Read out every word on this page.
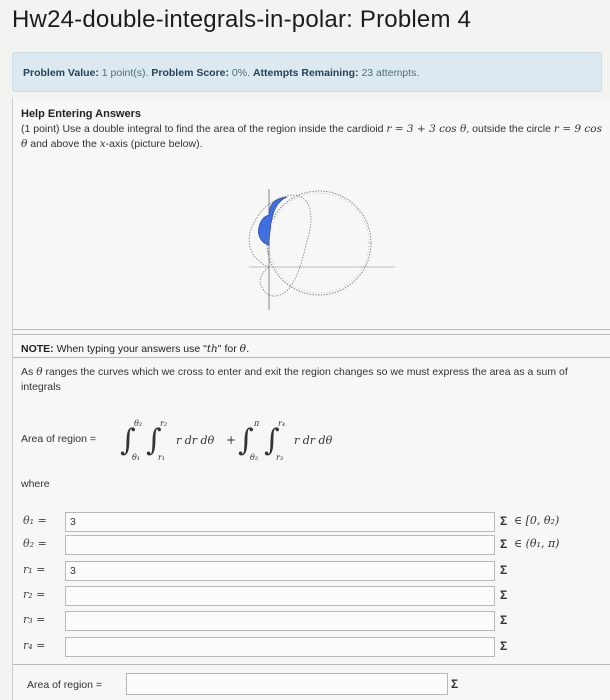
Hw24-double-integrals-in-polar: Problem 4
Problem Value: 1 point(s). Problem Score: 0%. Attempts Remaining: 23 attempts.
Help Entering Answers
(1 point) Use a double integral to find the area of the region inside the cardioid r = 3 + 3 cos θ, outside the circle r = 9 cos θ and above the x-axis (picture below).
NOTE: When typing your answers use "th" for θ.
As θ ranges the curves which we cross to enter and exit the region changes so we must express the area as a sum of integrals
Area of region = ∫
θ₂
θ₁ ∫
r₂
r₁
r dr dθ + ∫ π
θ₂ ∫
r₄
r₃
r dr dθ
where
θ₁ =	3	Σ ∈ [0, θ₂)
θ₂ =	Σ ∈ (θ₁, π)
r₁ =	3	Σ
r₂ =	Σ
r₃ =	Σ
r₄ =	Σ
Area of region =	Σ
